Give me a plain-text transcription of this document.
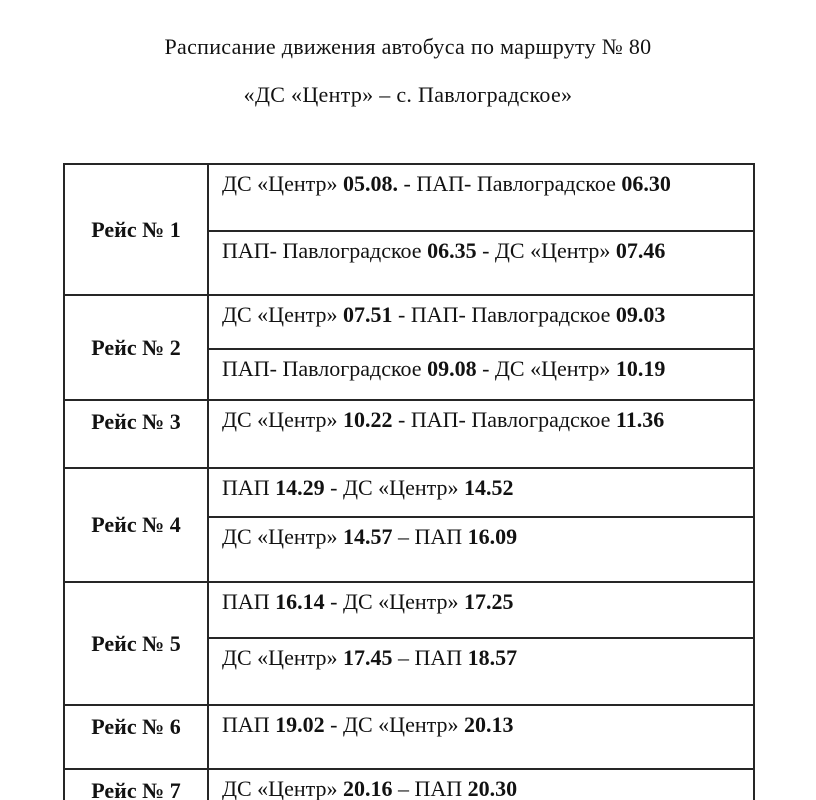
Расписание движения автобуса по маршруту № 80
«ДС «Центр» – с. Павлоградское»
Рейс № 1	ДС «Центр» 05.08. - ПАП- Павлоградское 06.30
	ПАП- Павлоградское 06.35 - ДС «Центр» 07.46
Рейс № 2	ДС «Центр» 07.51 - ПАП- Павлоградское 09.03
	ПАП- Павлоградское 09.08 - ДС «Центр» 10.19
Рейс № 3	ДС «Центр» 10.22 - ПАП- Павлоградское 11.36
Рейс № 4	ПАП 14.29 - ДС «Центр» 14.52
	ДС «Центр» 14.57 – ПАП 16.09
Рейс № 5	ПАП 16.14 - ДС «Центр» 17.25
	ДС «Центр» 17.45 – ПАП 18.57
Рейс № 6	ПАП 19.02 - ДС «Центр» 20.13
Рейс № 7	ДС «Центр» 20.16 – ПАП 20.30
